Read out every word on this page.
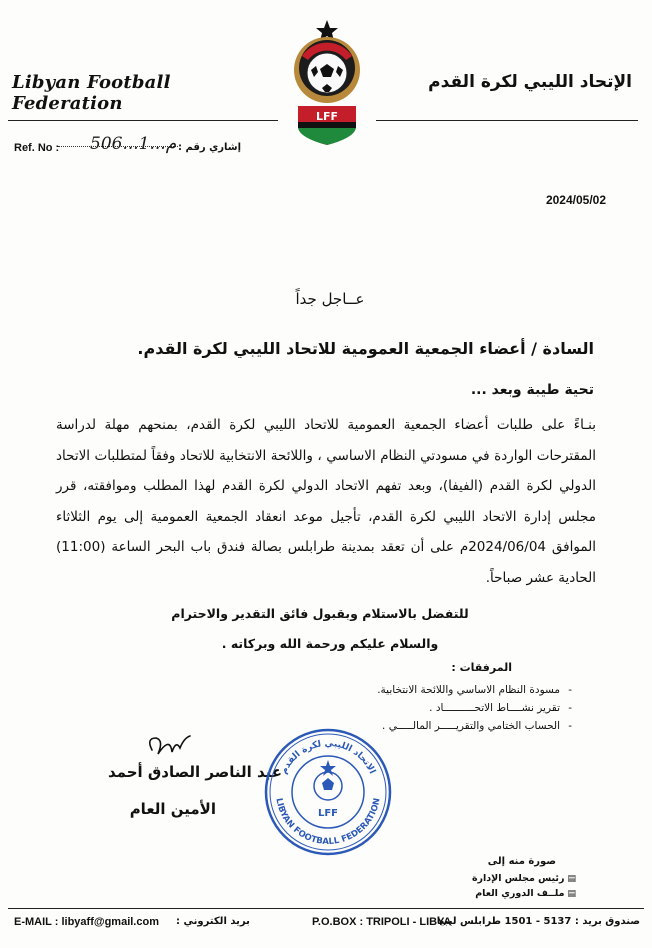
Libyan Football Federation
الإتحاد الليبي لكرة القدم
LFF
Ref. No : 506...م...1 إشاري رقم :
2024/05/02
عــاجل جداً
السادة / أعضاء الجمعية العمومية للاتحاد الليبي لكرة القدم.
تحية طيبة وبعد ...
بنـاءً على طلبات أعضاء الجمعية العمومية للاتحاد الليبي لكرة القدم، بمنحهم مهلة لدراسة المقترحات الواردة في مسودتي النظام الاساسي ، واللائحة الانتخابية للاتحاد وفقاً لمتطلبات الاتحاد الدولي لكرة القدم (الفيفا)، وبعد تفهم الاتحاد الدولي لكرة القدم لهذا المطلب وموافقته، قرر مجلس إدارة الاتحاد الليبي لكرة القدم، تأجيل موعد انعقاد الجمعية العمومية إلى يوم الثلاثاء الموافق 2024/06/04م على أن تعقد بمدينة طرابلس بصالة فندق باب البحر الساعة (11:00) الحادية عشر صباحاً.
للتفضل بالاستلام وبقبول فائق التقدير والاحترام
والسلام عليكم ورحمة الله وبركاته .
المرفقات :
مسودة النظام الاساسي واللائحة الانتخابية. -
تقرير نشــــاط الاتحــــــــــاد . -
الحساب الختامي والتقريـــــر المالـــــي . -
عبد الناصر الصادق أحمد
الأمين العام
الاتحاد الليبي لكرة القدم
LIBYAN FOOTBALL FEDERATION
LFF
صورة منه إلى
▤رئيس مجلس الإدارة
▤ملــف الدوري العام
E-MAIL : libyaff@gmail.com بريد الكتروني :	P.O.BOX : TRIPOLI - LIBYA
صندوق بريد : 5137 - 1501 طرابلس ليبيا
